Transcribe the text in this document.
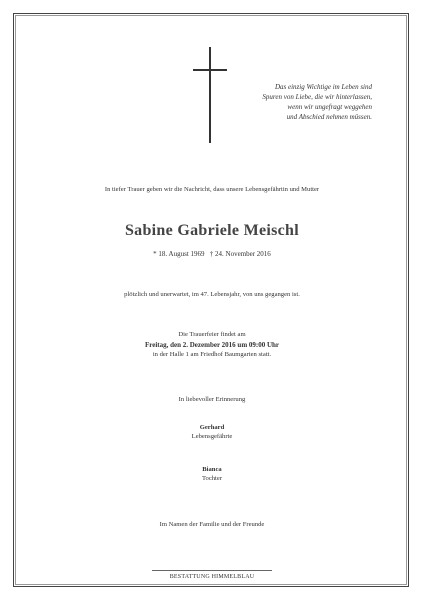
Das einzig Wichtige im Leben sind
Spuren von Liebe, die wir hinterlassen,
wenn wir ungefragt weggehen
und Abschied nehmen müssen.
In tiefer Trauer geben wir die Nachricht, dass unsere Lebensgefährtin und Mutter
Sabine Gabriele Meischl
* 18. August 1969   † 24. November 2016
plötzlich und unerwartet, im 47. Lebensjahr, von uns gegangen ist.
Die Trauerfeier findet am
Freitag, den 2. Dezember 2016 um 09:00 Uhr
in der Halle 1 am Friedhof Baumgarten statt.
In liebevoller Erinnerung
Gerhard
Lebensgefährte
Bianca
Tochter
Im Namen der Familie und der Freunde
BESTATTUNG HIMMELBLAU
